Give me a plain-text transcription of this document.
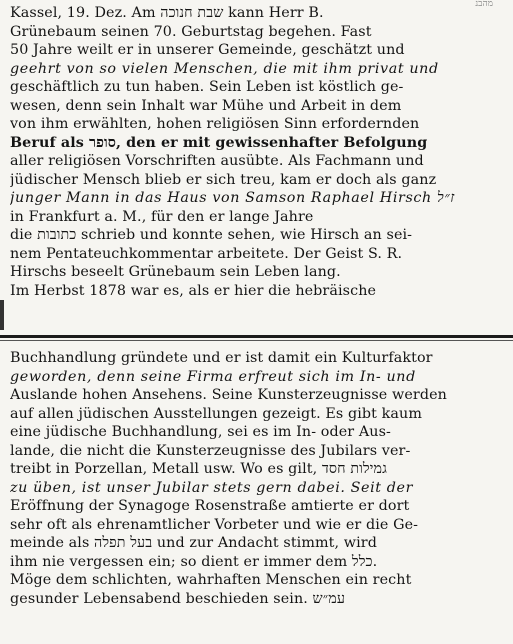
מהבנ
Kassel, 19. Dez. Am שבת חנוכה kann Herr B.
Grünebaum seinen 70. Geburtstag begehen. Fast
50 Jahre weilt er in unserer Gemeinde, geschätzt und
geehrt von so vielen Menschen, die mit ihm privat und
geschäftlich zu tun haben. Sein Leben ist köstlich ge-
wesen, denn sein Inhalt war Mühe und Arbeit in dem
von ihm erwählten, hohen religiösen Sinn erfordernden
Beruf als סופר, den er mit gewissenhafter Befolgung
aller religiösen Vorschriften ausübte. Als Fachmann und
jüdischer Mensch blieb er sich treu, kam er doch als ganz
junger Mann in das Haus von Samson Raphael Hirsch ז״ל
in Frankfurt a. M., für den er lange Jahre
die כתובות schrieb und konnte sehen, wie Hirsch an sei-
nem Pentateuchkommentar arbeitete. Der Geist S. R.
Hirschs beseelt Grünebaum sein Leben lang.
Im Herbst 1878 war es, als er hier die hebräische
Buchhandlung gründete und er ist damit ein Kulturfaktor
geworden, denn seine Firma erfreut sich im In- und
Auslande hohen Ansehens. Seine Kunsterzeugnisse werden
auf allen jüdischen Ausstellungen gezeigt. Es gibt kaum
eine jüdische Buchhandlung, sei es im In- oder Aus-
lande, die nicht die Kunsterzeugnisse des Jubilars ver-
treibt in Porzellan, Metall usw. Wo es gilt, גמילות חסד
zu üben, ist unser Jubilar stets gern dabei. Seit der
Eröffnung der Synagoge Rosenstraße amtierte er dort
sehr oft als ehrenamtlicher Vorbeter und wie er die Ge-
meinde als בעל תפלה und zur Andacht stimmt, wird
ihm nie vergessen ein; so dient er immer dem כלל.
Möge dem schlichten, wahrhaften Menschen ein recht
gesunder Lebensabend beschieden sein. עמ״ש
